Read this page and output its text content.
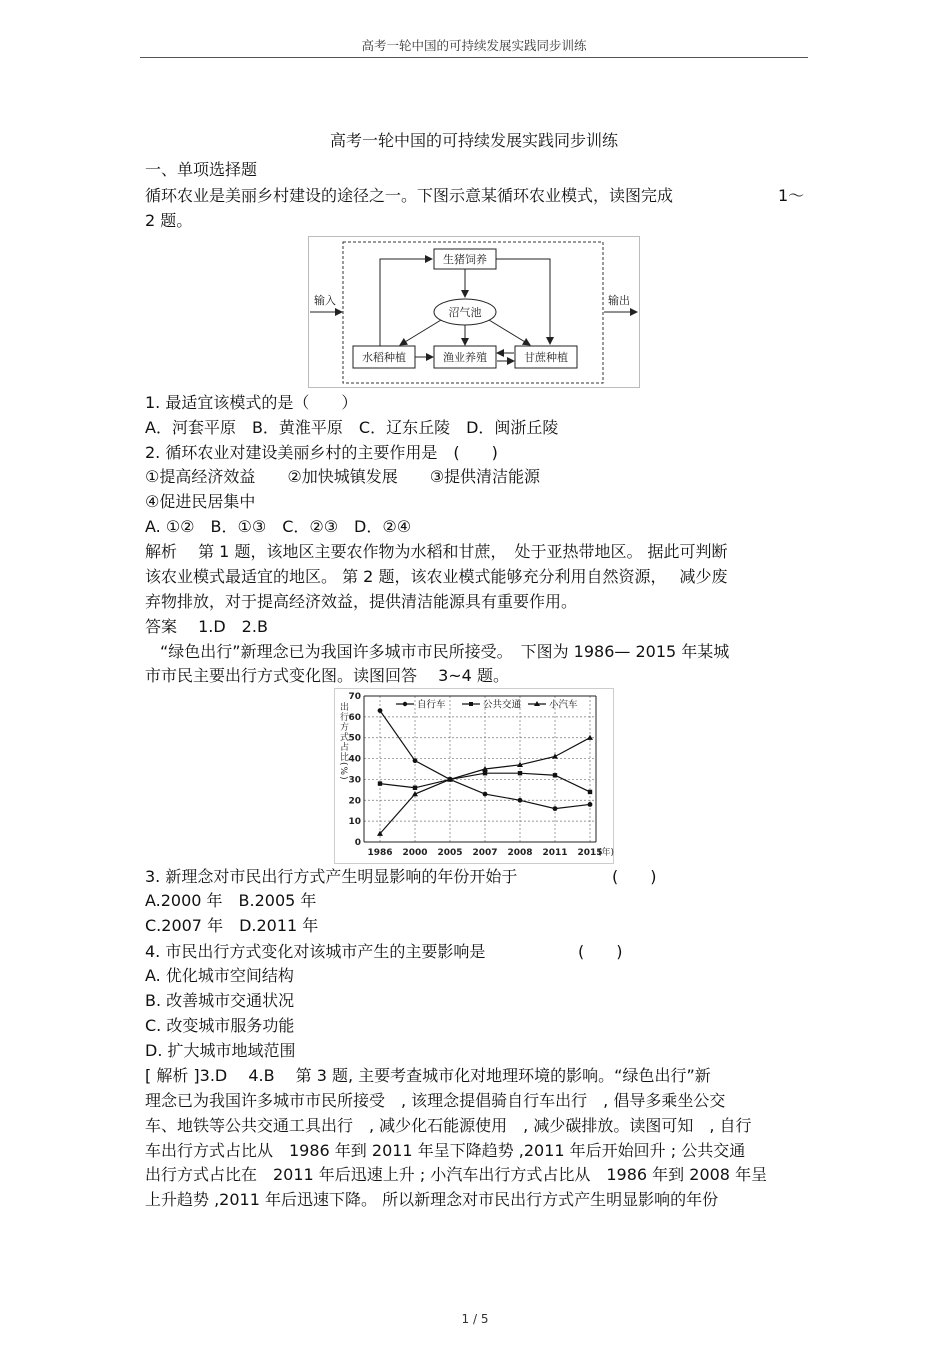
高考一轮中国的可持续发展实践同步训练
高考一轮中国的可持续发展实践同步训练
一、单项选择题
循环农业是美丽乡村建设的途径之一。下图示意某循环农业模式，读图完成	1～
2 题。
输入	输出
生猪饲养
沼气池
水稻种植	渔业养殖	甘蔗种植
1. 最适宜该模式的是（　　）
A．河套平原　B．黄淮平原　C．辽东丘陵　D．闽浙丘陵
2. 循环农业对建设美丽乡村的主要作用是　(　　)
①提高经济效益　　②加快城镇发展　　③提供清洁能源
④促进民居集中
A. ①②　B．①③　C．②③　D．②④
解析　 第 1 题，该地区主要农作物为水稻和甘蔗，　处于亚热带地区。 据此可判断
该农业模式最适宜的地区。 第 2 题，该农业模式能够充分利用自然资源，　 减少废
弃物排放，对于提高经济效益，提供清洁能源具有重要作用。
答案　 1.D　2.B
“绿色出行”新理念已为我国许多城市市民所接受。　下图为 1986— 2015 年某城
市市民主要出行方式变化图。读图回答　 3~4 题。
0
10
20
30
40
50
60
70
1986 2000 2005 2007 2008 2011 2015
(年)
自行车	公共交通	小汽车
出行方式占比(%)
3. 新理念对市民出行方式产生明显影响的年份开始于	(　　)
A.2000 年　B.2005 年
C.2007 年　D.2011 年
4. 市民出行方式变化对该城市产生的主要影响是	(　　)
A. 优化城市空间结构
B. 改善城市交通状况
C. 改变城市服务功能
D. 扩大城市地域范围
[ 解析 ]3.D　 4.B　 第 3 题, 主要考查城市化对地理环境的影响。“绿色出行”新
理念已为我国许多城市市民所接受　, 该理念提倡骑自行车出行　, 倡导多乘坐公交
车、地铁等公共交通工具出行　, 减少化石能源使用　, 减少碳排放。读图可知　, 自行
车出行方式占比从　1986 年到 2011 年呈下降趋势 ,2011 年后开始回升 ; 公共交通
出行方式占比在　2011 年后迅速上升 ; 小汽车出行方式占比从　1986 年到 2008 年呈
上升趋势 ,2011 年后迅速下降。 所以新理念对市民出行方式产生明显影响的年份
1 / 5
